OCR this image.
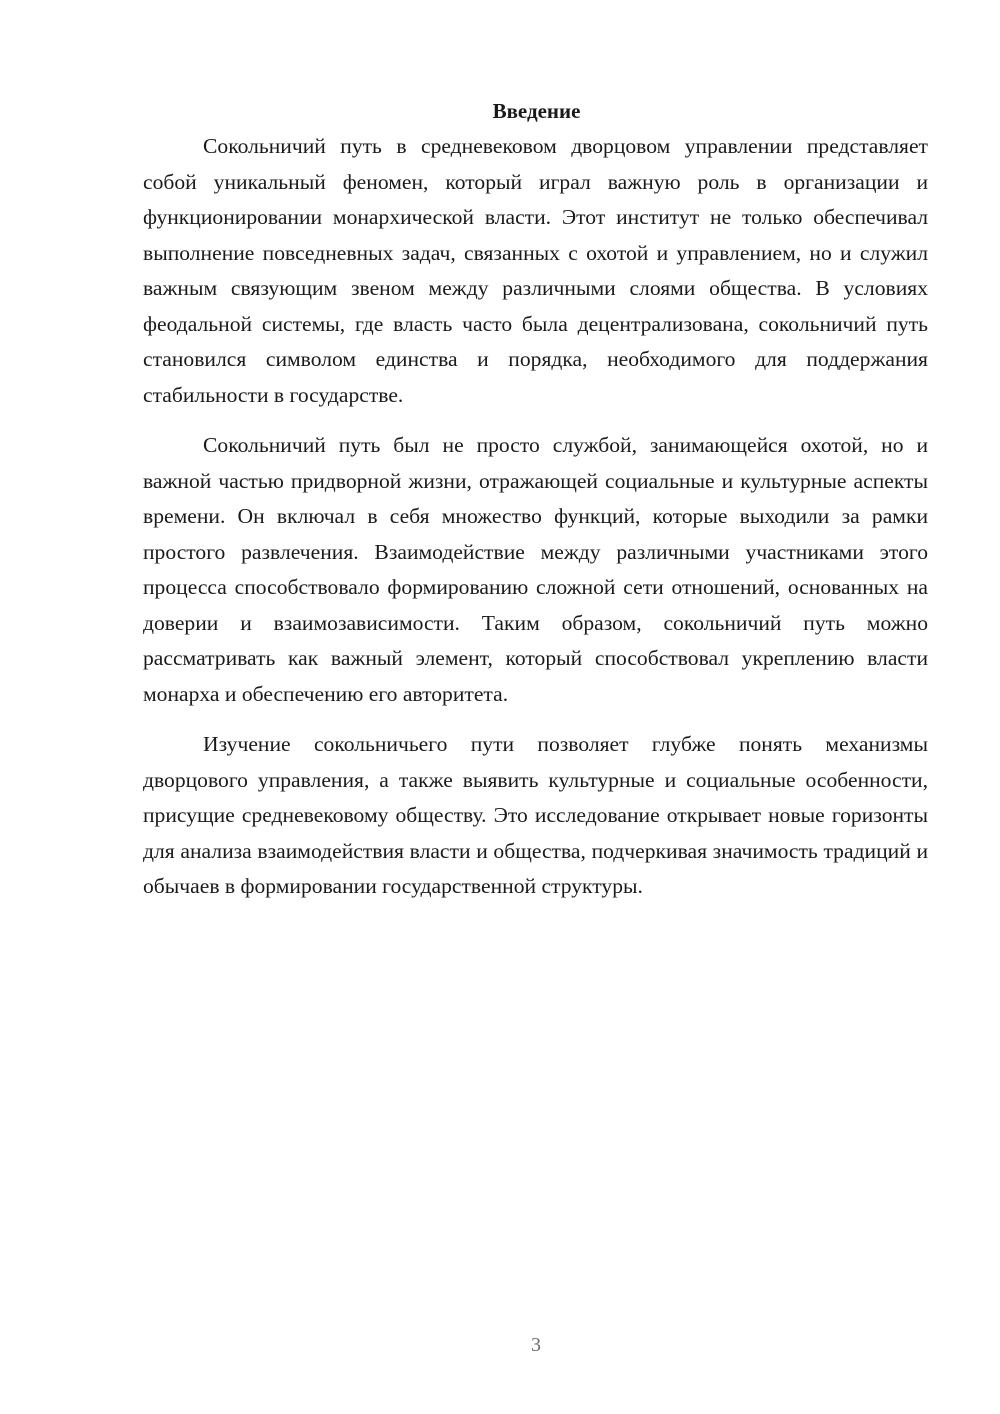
Введение

Сокольничий путь в средневековом дворцовом управлении представляет собой уникальный феномен, который играл важную роль в организации и функционировании монархической власти. Этот институт не только обеспечивал выполнение повседневных задач, связанных с охотой и управлением, но и служил важным связующим звеном между различными слоями общества. В условиях феодальной системы, где власть часто была децентрализована, сокольничий путь становился символом единства и порядка, необходимого для поддержания стабильности в государстве.

Сокольничий путь был не просто службой, занимающейся охотой, но и важной частью придворной жизни, отражающей социальные и культурные аспекты времени. Он включал в себя множество функций, которые выходили за рамки простого развлечения. Взаимодействие между различными участниками этого процесса способствовало формированию сложной сети отношений, основанных на доверии и взаимозависимости. Таким образом, сокольничий путь можно рассматривать как важный элемент, который способствовал укреплению власти монарха и обеспечению его авторитета.

Изучение сокольничьего пути позволяет глубже понять механизмы дворцового управления, а также выявить культурные и социальные особенности, присущие средневековому обществу. Это исследование открывает новые горизонты для анализа взаимодействия власти и общества, подчеркивая значимость традиций и обычаев в формировании государственной структуры.

3
